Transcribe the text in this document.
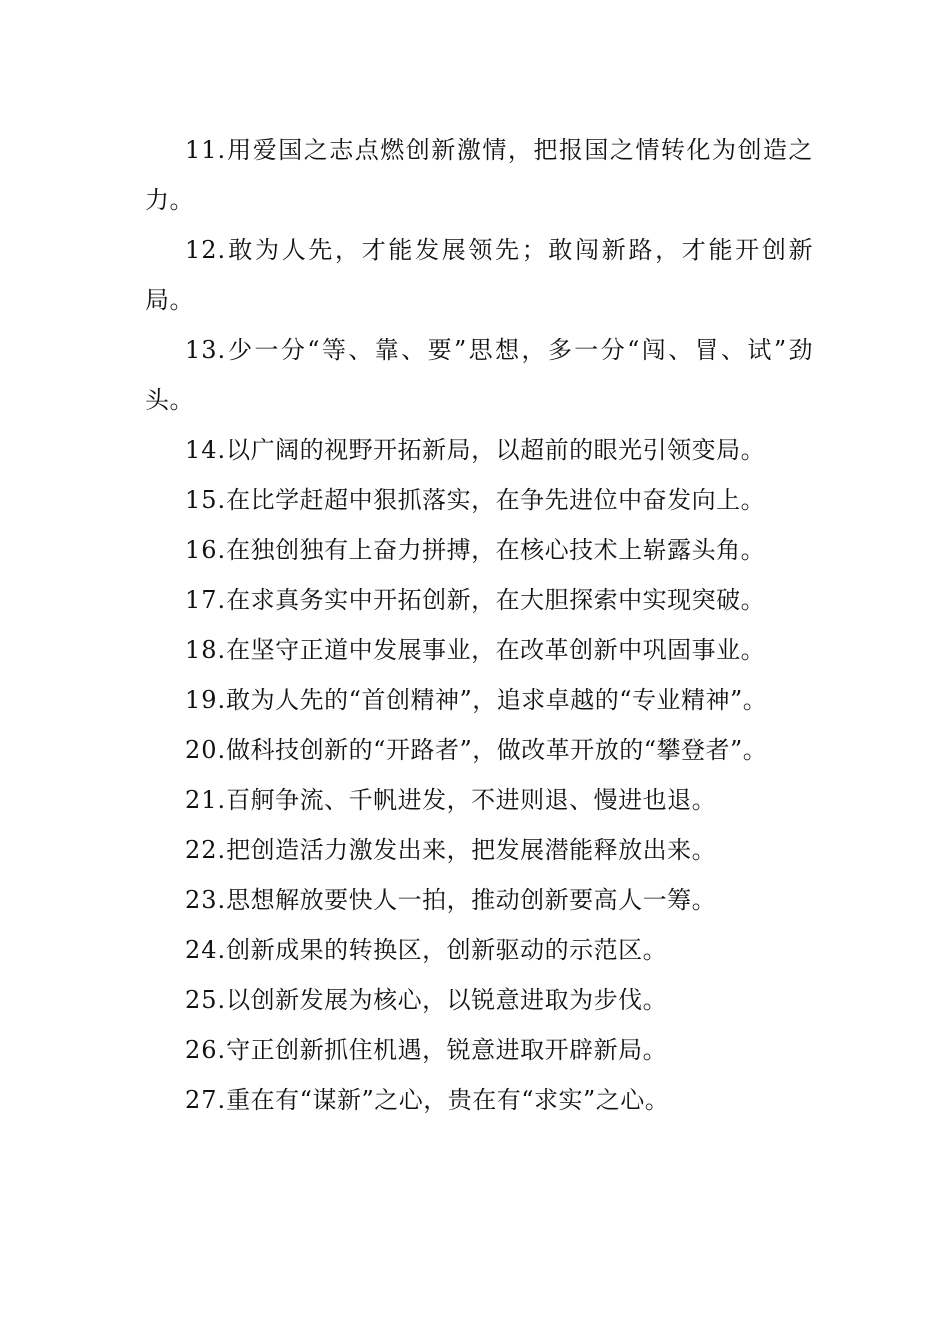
11.用爱国之志点燃创新激情，把报国之情转化为创造之力。

12.敢为人先，才能发展领先；敢闯新路，才能开创新局。

13.少一分“等、靠、要”思想，多一分“闯、冒、试”劲头。

14.以广阔的视野开拓新局，以超前的眼光引领变局。

15.在比学赶超中狠抓落实，在争先进位中奋发向上。

16.在独创独有上奋力拼搏，在核心技术上崭露头角。

17.在求真务实中开拓创新，在大胆探索中实现突破。

18.在坚守正道中发展事业，在改革创新中巩固事业。

19.敢为人先的“首创精神”，追求卓越的“专业精神”。

20.做科技创新的“开路者”，做改革开放的“攀登者”。

21.百舸争流、千帆进发，不进则退、慢进也退。

22.把创造活力激发出来，把发展潜能释放出来。

23.思想解放要快人一拍，推动创新要高人一筹。

24.创新成果的转换区，创新驱动的示范区。

25.以创新发展为核心，以锐意进取为步伐。

26.守正创新抓住机遇，锐意进取开辟新局。

27.重在有“谋新”之心，贵在有“求实”之心。
